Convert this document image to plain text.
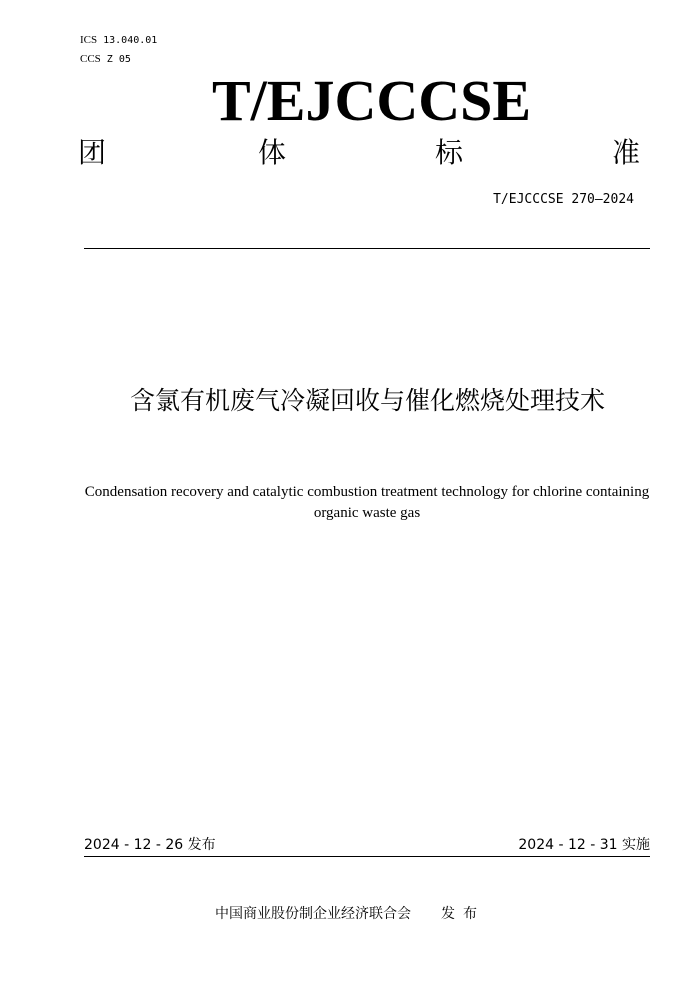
ICS 13.040.01
CCS Z 05
T/EJCCCSE
团	体	标	准
T/EJCCCSE 270—2024
含氯有机废气冷凝回收与催化燃烧处理技术
Condensation recovery and catalytic combustion treatment technology for chlorine containing organic waste gas
2024 - 12 - 26 发布	2024 - 12 - 31 实施
中国商业股份制企业经济联合会 发布
